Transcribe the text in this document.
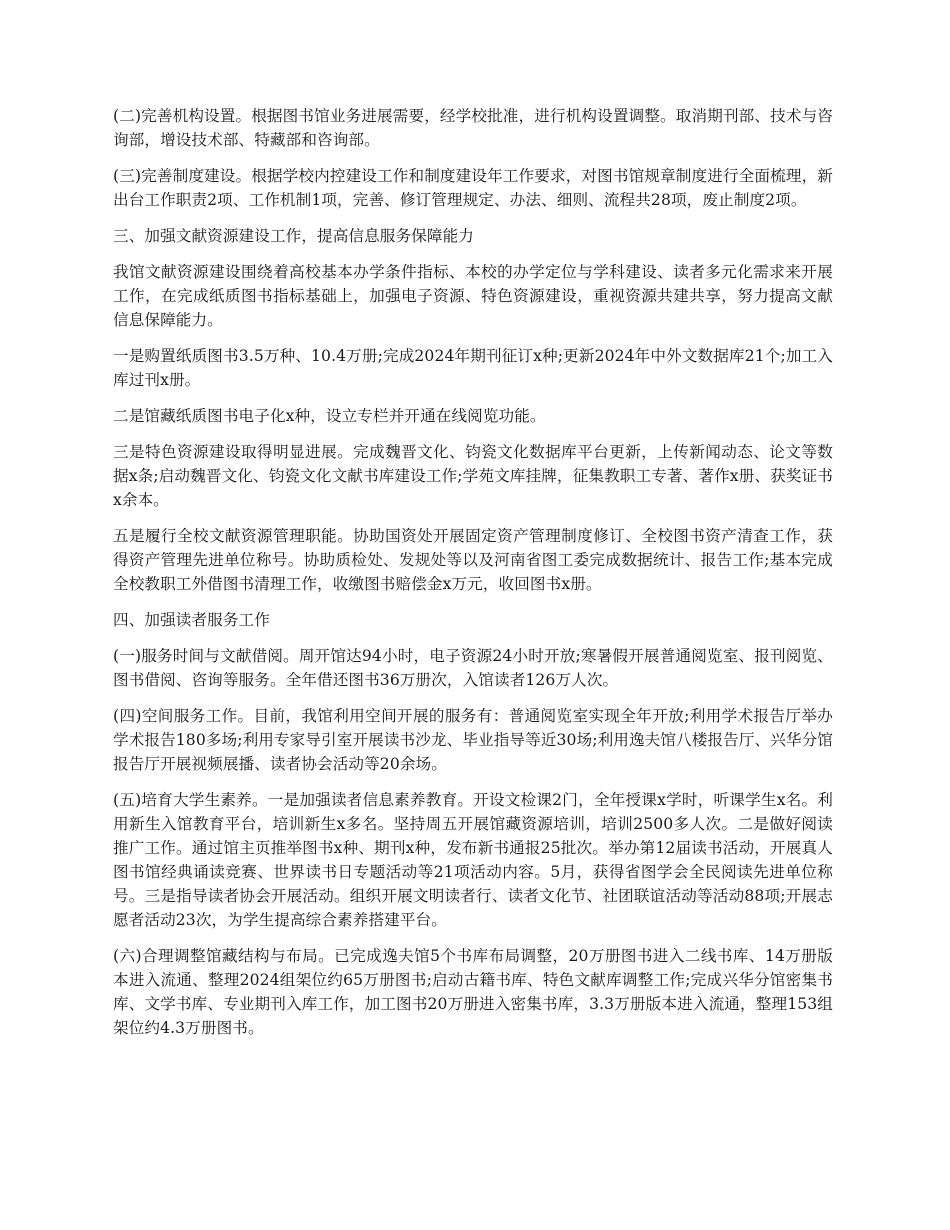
(二)完善机构设置。根据图书馆业务进展需要，经学校批准，进行机构设置调整。取消期刊部、技术与咨询部，增设技术部、特藏部和咨询部。

(三)完善制度建设。根据学校内控建设工作和制度建设年工作要求，对图书馆规章制度进行全面梳理，新出台工作职责2项、工作机制1项，完善、修订管理规定、办法、细则、流程共28项，废止制度2项。

三、加强文献资源建设工作，提高信息服务保障能力

我馆文献资源建设围绕着高校基本办学条件指标、本校的办学定位与学科建设、读者多元化需求来开展工作，在完成纸质图书指标基础上，加强电子资源、特色资源建设，重视资源共建共享，努力提高文献信息保障能力。

一是购置纸质图书3.5万种、10.4万册;完成2024年期刊征订x种;更新2024年中外文数据库21个;加工入库过刊x册。

二是馆藏纸质图书电子化x种，设立专栏并开通在线阅览功能。

三是特色资源建设取得明显进展。完成魏晋文化、钧瓷文化数据库平台更新，上传新闻动态、论文等数据x条;启动魏晋文化、钧瓷文化文献书库建设工作;学苑文库挂牌，征集教职工专著、著作x册、获奖证书x余本。

五是履行全校文献资源管理职能。协助国资处开展固定资产管理制度修订、全校图书资产清查工作，获得资产管理先进单位称号。协助质检处、发规处等以及河南省图工委完成数据统计、报告工作;基本完成全校教职工外借图书清理工作，收缴图书赔偿金x万元，收回图书x册。

四、加强读者服务工作

(一)服务时间与文献借阅。周开馆达94小时，电子资源24小时开放;寒暑假开展普通阅览室、报刊阅览、图书借阅、咨询等服务。全年借还图书36万册次，入馆读者126万人次。

(四)空间服务工作。目前，我馆利用空间开展的服务有：普通阅览室实现全年开放;利用学术报告厅举办学术报告180多场;利用专家导引室开展读书沙龙、毕业指导等近30场;利用逸夫馆八楼报告厅、兴华分馆报告厅开展视频展播、读者协会活动等20余场。

(五)培育大学生素养。一是加强读者信息素养教育。开设文检课2门，全年授课x学时，听课学生x名。利用新生入馆教育平台，培训新生x多名。坚持周五开展馆藏资源培训，培训2500多人次。二是做好阅读推广工作。通过馆主页推举图书x种、期刊x种，发布新书通报25批次。举办第12届读书活动，开展真人图书馆经典诵读竞赛、世界读书日专题活动等21项活动内容。5月，获得省图学会全民阅读先进单位称号。三是指导读者协会开展活动。组织开展文明读者行、读者文化节、社团联谊活动等活动88项;开展志愿者活动23次，为学生提高综合素养搭建平台。

(六)合理调整馆藏结构与布局。已完成逸夫馆5个书库布局调整，20万册图书进入二线书库、14万册版本进入流通、整理2024组架位约65万册图书;启动古籍书库、特色文献库调整工作;完成兴华分馆密集书库、文学书库、专业期刊入库工作，加工图书20万册进入密集书库，3.3万册版本进入流通，整理153组架位约4.3万册图书。
